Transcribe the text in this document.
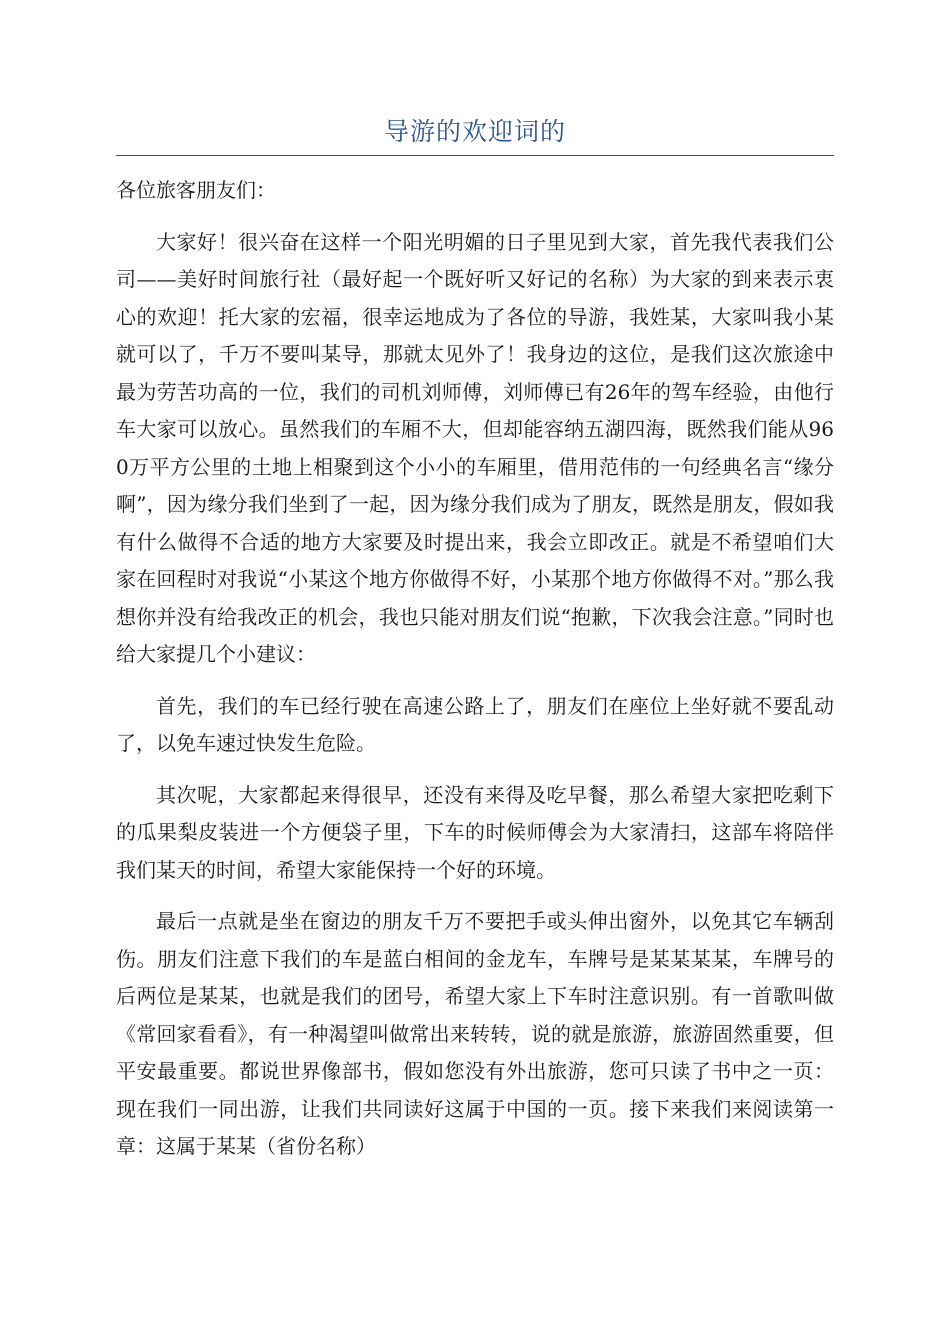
导游的欢迎词的

各位旅客朋友们：

大家好！很兴奋在这样一个阳光明媚的日子里见到大家，首先我代表我们公司——美好时间旅行社（最好起一个既好听又好记的名称）为大家的到来表示衷心的欢迎！托大家的宏福，很幸运地成为了各位的导游，我姓某，大家叫我小某就可以了，千万不要叫某导，那就太见外了！我身边的这位，是我们这次旅途中最为劳苦功高的一位，我们的司机刘师傅，刘师傅已有26年的驾车经验，由他行车大家可以放心。虽然我们的车厢不大，但却能容纳五湖四海，既然我们能从960万平方公里的土地上相聚到这个小小的车厢里，借用范伟的一句经典名言“缘分啊”，因为缘分我们坐到了一起，因为缘分我们成为了朋友，既然是朋友，假如我有什么做得不合适的地方大家要及时提出来，我会立即改正。就是不希望咱们大家在回程时对我说“小某这个地方你做得不好，小某那个地方你做得不对。”那么我想你并没有给我改正的机会，我也只能对朋友们说“抱歉，下次我会注意。”同时也给大家提几个小建议：

首先，我们的车已经行驶在高速公路上了，朋友们在座位上坐好就不要乱动了，以免车速过快发生危险。

其次呢，大家都起来得很早，还没有来得及吃早餐，那么希望大家把吃剩下的瓜果梨皮装进一个方便袋子里，下车的时候师傅会为大家清扫，这部车将陪伴我们某天的时间，希望大家能保持一个好的环境。

最后一点就是坐在窗边的朋友千万不要把手或头伸出窗外，以免其它车辆刮伤。朋友们注意下我们的车是蓝白相间的金龙车，车牌号是某某某某，车牌号的后两位是某某，也就是我们的团号，希望大家上下车时注意识别。有一首歌叫做《常回家看看》，有一种渴望叫做常出来转转，说的就是旅游，旅游固然重要，但平安最重要。都说世界像部书，假如您没有外出旅游，您可只读了书中之一页：现在我们一同出游，让我们共同读好这属于中国的一页。接下来我们来阅读第一章：这属于某某（省份名称）
